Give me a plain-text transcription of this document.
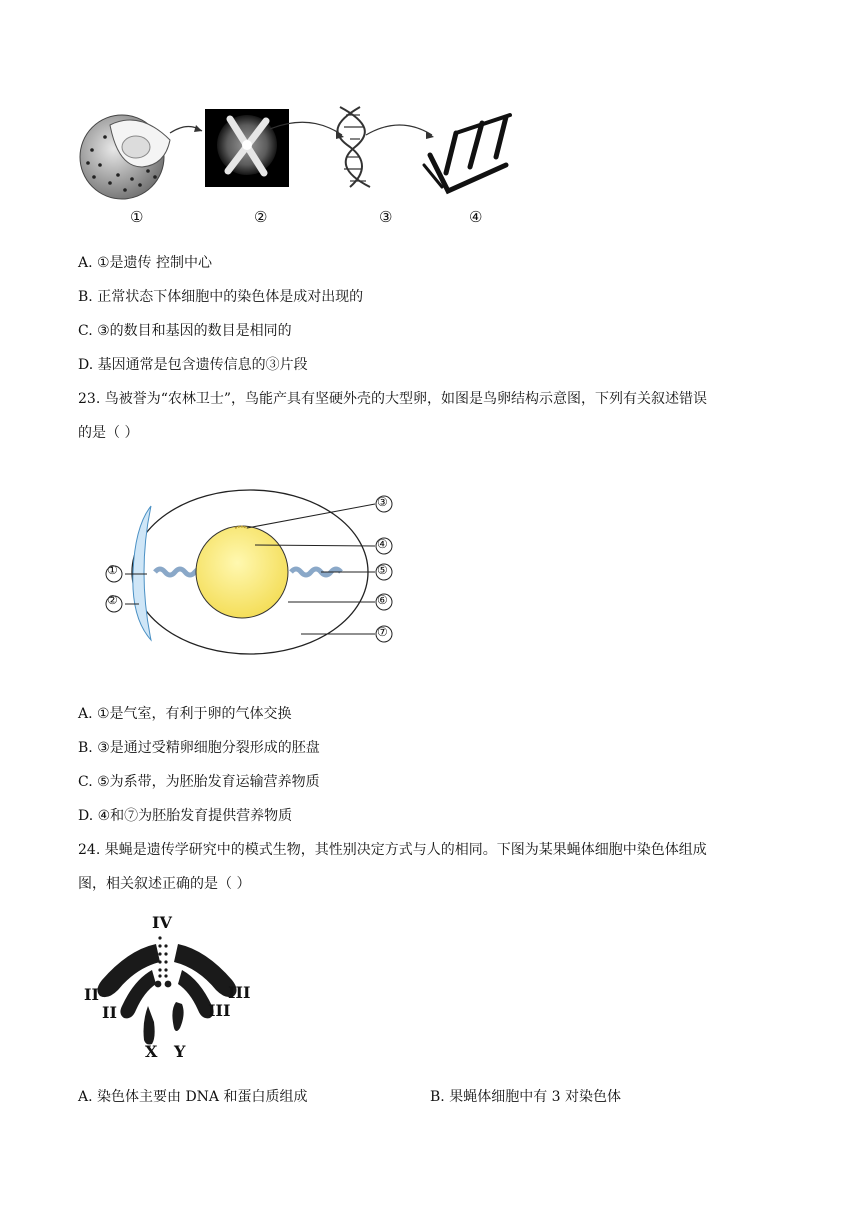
①	②	③	④
A. ①是遗传 控制中心
B. 正常状态下体细胞中的染色体是成对出现的
C. ③的数目和基因的数目是相同的
D. 基因通常是包含遗传信息的③片段
23. 鸟被誉为“农林卫士”，鸟能产具有坚硬外壳的大型卵，如图是鸟卵结构示意图，下列有关叙述错误
的是（ ）
①
②
③
④
⑤
⑥
⑦
A. ①是气室，有利于卵的气体交换
B. ③是通过受精卵细胞分裂形成的胚盘
C. ⑤为系带，为胚胎发育运输营养物质
D. ④和⑦为胚胎发育提供营养物质
24. 果蝇是遗传学研究中的模式生物，其性别决定方式与人的相同。下图为某果蝇体细胞中染色体组成
图，相关叙述正确的是（ ）
IV
II
II
III
III
X Y
A. 染色体主要由 DNA 和蛋白质组成	B. 果蝇体细胞中有 3 对染色体
